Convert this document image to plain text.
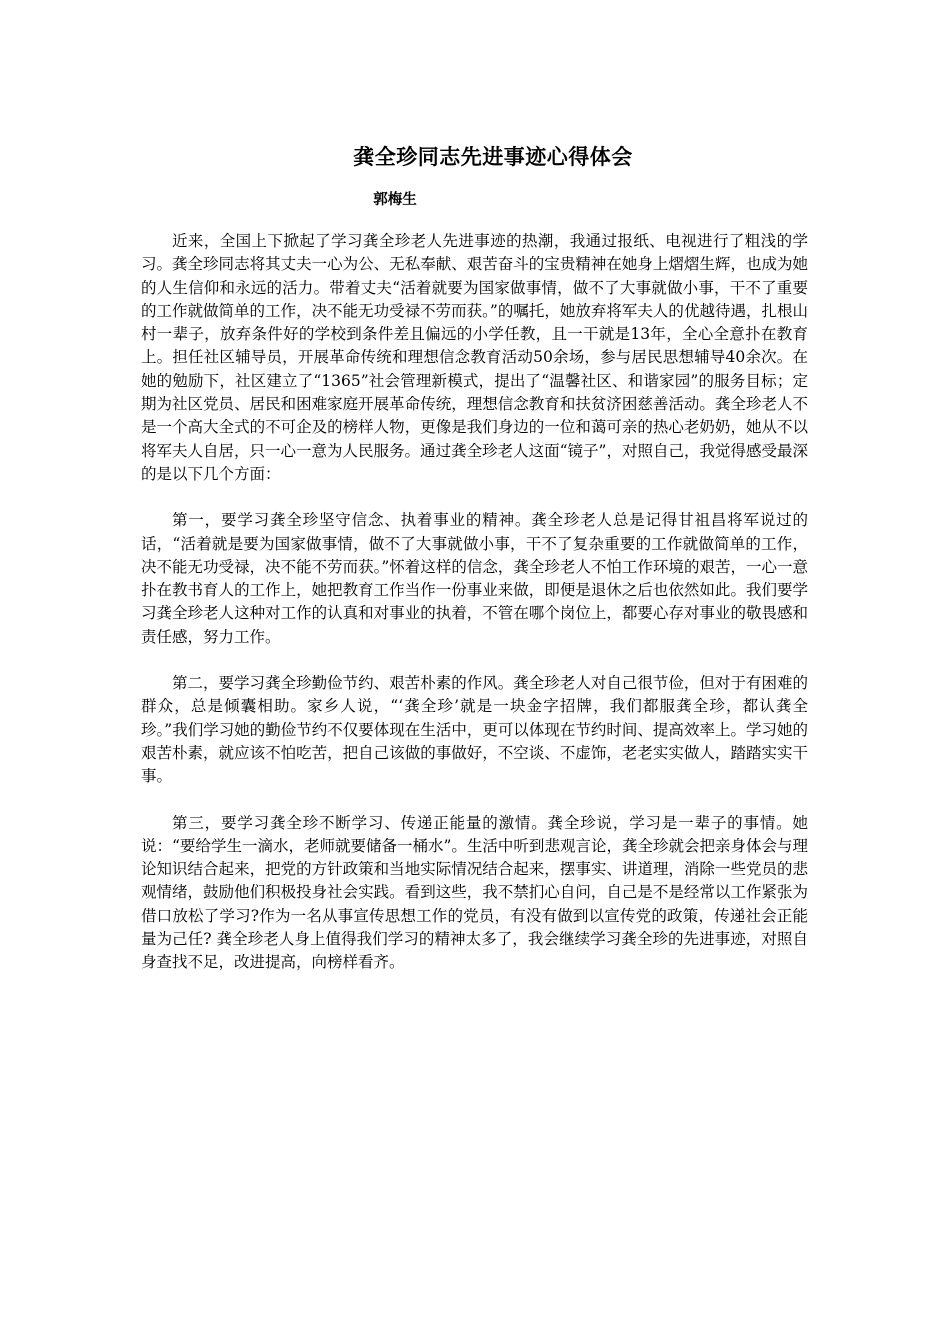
龚全珍同志先进事迹心得体会
郭梅生

近来，全国上下掀起了学习龚全珍老人先进事迹的热潮，我通过报纸、电视进行了粗浅的学习。龚全珍同志将其丈夫一心为公、无私奉献、艰苦奋斗的宝贵精神在她身上熠熠生辉，也成为她的人生信仰和永远的活力。带着丈夫“活着就要为国家做事情，做不了大事就做小事，干不了重要的工作就做简单的工作，决不能无功受禄不劳而获。”的嘱托，她放弃将军夫人的优越待遇，扎根山村一辈子，放弃条件好的学校到条件差且偏远的小学任教，且一干就是13年，全心全意扑在教育上。担任社区辅导员，开展革命传统和理想信念教育活动50余场，参与居民思想辅导40余次。在她的勉励下，社区建立了“1365”社会管理新模式，提出了“温馨社区、和谐家园”的服务目标；定期为社区党员、居民和困难家庭开展革命传统，理想信念教育和扶贫济困慈善活动。龚全珍老人不是一个高大全式的不可企及的榜样人物，更像是我们身边的一位和蔼可亲的热心老奶奶，她从不以将军夫人自居，只一心一意为人民服务。通过龚全珍老人这面“镜子”，对照自己，我觉得感受最深的是以下几个方面：

第一，要学习龚全珍坚守信念、执着事业的精神。龚全珍老人总是记得甘祖昌将军说过的话，“活着就是要为国家做事情，做不了大事就做小事，干不了复杂重要的工作就做简单的工作，决不能无功受禄，决不能不劳而获。”怀着这样的信念，龚全珍老人不怕工作环境的艰苦，一心一意扑在教书育人的工作上，她把教育工作当作一份事业来做，即便是退休之后也依然如此。我们要学习龚全珍老人这种对工作的认真和对事业的执着，不管在哪个岗位上，都要心存对事业的敬畏感和责任感，努力工作。

第二，要学习龚全珍勤俭节约、艰苦朴素的作风。龚全珍老人对自己很节俭，但对于有困难的群众，总是倾囊相助。家乡人说，“‘龚全珍’就是一块金字招牌，我们都服龚全珍，都认龚全珍。”我们学习她的勤俭节约不仅要体现在生活中，更可以体现在节约时间、提高效率上。学习她的艰苦朴素，就应该不怕吃苦，把自己该做的事做好，不空谈、不虚饰，老老实实做人，踏踏实实干事。

第三，要学习龚全珍不断学习、传递正能量的激情。龚全珍说，学习是一辈子的事情。她说：“要给学生一滴水，老师就要储备一桶水”。生活中听到悲观言论，龚全珍就会把亲身体会与理论知识结合起来，把党的方针政策和当地实际情况结合起来，摆事实、讲道理，消除一些党员的悲观情绪，鼓励他们积极投身社会实践。看到这些，我不禁扪心自问，自己是不是经常以工作紧张为借口放松了学习?作为一名从事宣传思想工作的党员，有没有做到以宣传党的政策，传递社会正能量为己任? 龚全珍老人身上值得我们学习的精神太多了，我会继续学习龚全珍的先进事迹，对照自身查找不足，改进提高，向榜样看齐。
